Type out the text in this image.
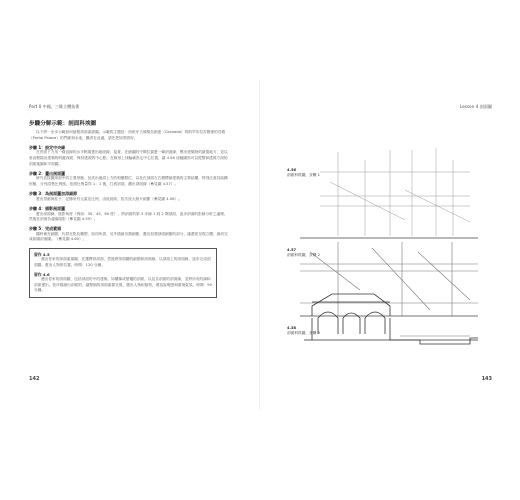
Part II 中國、三維立體技術
步驟分解示範：剖面科埃圖

以下將一步步示範如何繪製剖面素描圖。示範的主題是：西班牙古城格拉納達（Granada）的阿罕布拉宮殿裡的宮殿（Partal Palace）的門廊和水池，觀者在此處，請先把如景照好。

步驟 1：設定中央線

在頁面下方用一條直線的水平輕描畫出地面線，接著，在繪圖的中間位置畫一條剖面線，標出建築物的最寬地方，並以垂直輕描出建築物的縱深面，保持透視的中心點，在線形上找輪廓設定中心位置，讓 4.56 這幅圖形可以從整和透視方面的剖面地圖和平面圖。

步驟 2：畫出剖面圖

研究並按圖剖面中的主要形態、及高出地面上方的相應點位，以及在剖面左右側標繪建築的主要結構，特別注意其結構形態，分列清楚比例後，依照比例量得 1：1 後，打底剖面，劃出剖面線（參見圖 4.57）。

步驟 3：為剖面圖加添細節

畫出拱廊與柱子、記錄所有元素及比例，由低到高，依次放大照片細節（參見圖 4.56）。

步驟 4：描影剖面圖

畫出剖面線、陰影角度（例如：30、45、60 度），將剖面的第 3 步線 1 到 2 間剖面，逐步剖面的影線分析之處理，然後在剖面各處落陰影（參見圖 4.59）。

步驟 5：完成素描

隨時補充細節，代替光影及雕塑，如同所需，另外描繪各類細節，選出加強剖面細節的部分，讓畫面呈現立體，最終完成如圖剖面圖。（參見圖 4.60）。

習作 4.5

選出你家的剖面素描圖，先選擇該剖面，然後將剖面圖的細節和剖面線，以剖面上的剖面線，逐步完成剖面圖。畫出人物的位置。時間：120 分鐘。

習作 4.6

選出你家的剖面圖，包括剖面的中的建築，如樓梯或壁爐的剖面，以及各剖面的剖面線，並將所有的線和剖面畫出，依序描繪出剖面的，讓整個的剖面素描呈現，選出人物和植物，增加說明感和環境氣氛。時間：90 分鐘。

142
Lesson 4 剖面圖
143
4.56
剖面科埃圖，步驟 1
4.57
剖面科埃圖，步驟 2
4.58
剖面科埃圖，步驟 3
